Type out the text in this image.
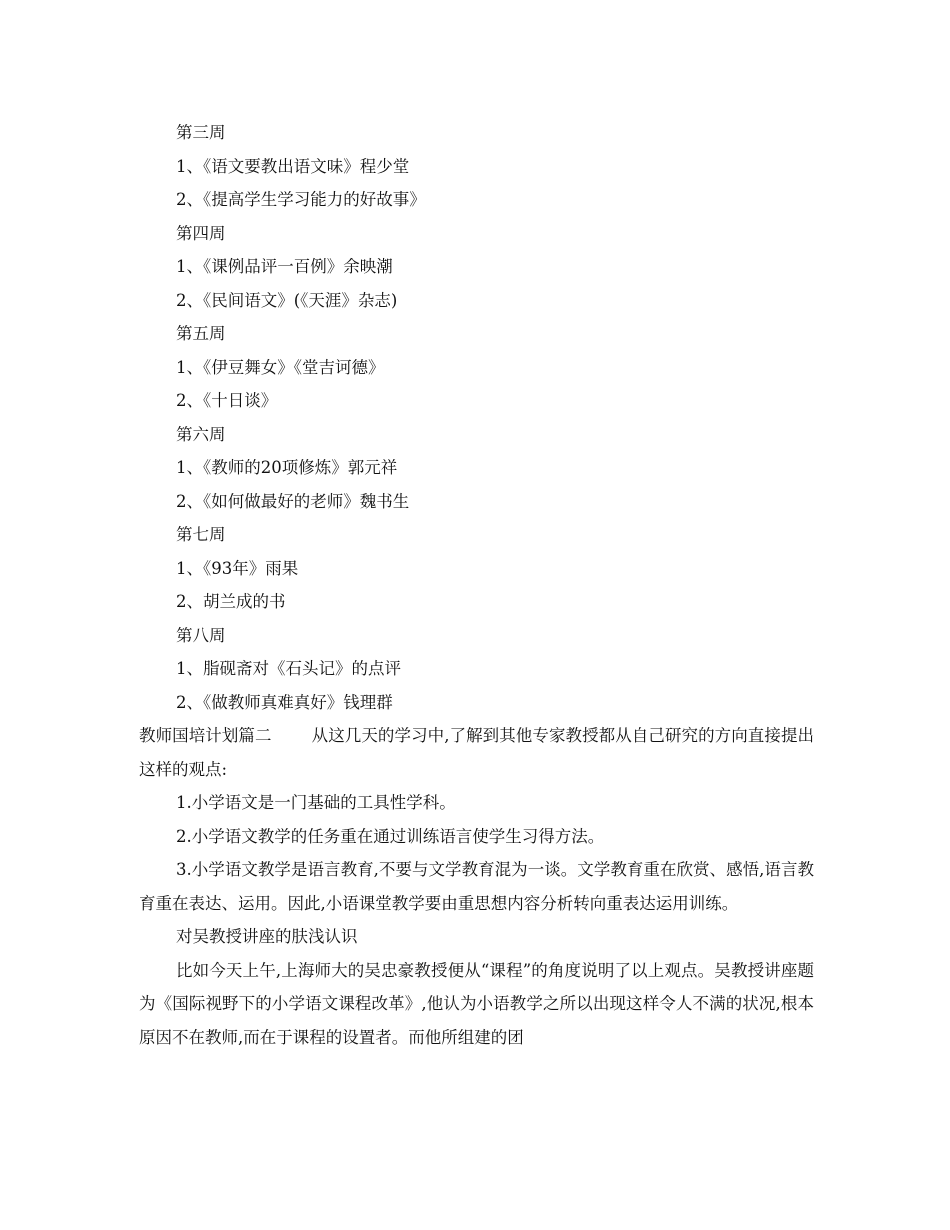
第三周
1、《语文要教出语文味》程少堂
2、《提高学生学习能力的好故事》
第四周
1、《课例品评一百例》余映潮
2、《民间语文》(《天涯》杂志)
第五周
1、《伊豆舞女》《堂吉诃德》
2、《十日谈》
第六周
1、《教师的20项修炼》郭元祥
2、《如何做最好的老师》魏书生
第七周
1、《93年》雨果
2、胡兰成的书
第八周
1、脂砚斋对《石头记》的点评
2、《做教师真难真好》钱理群
教师国培计划篇二 从这几天的学习中,了解到其他专家教授都从自己研究的方向直接提出这样的观点:
1.小学语文是一门基础的工具性学科。
2.小学语文教学的任务重在通过训练语言使学生习得方法。
3.小学语文教学是语言教育,不要与文学教育混为一谈。文学教育重在欣赏、感悟,语言教育重在表达、运用。因此,小语课堂教学要由重思想内容分析转向重表达运用训练。
对吴教授讲座的肤浅认识
比如今天上午,上海师大的吴忠豪教授便从“课程”的角度说明了以上观点。吴教授讲座题为《国际视野下的小学语文课程改革》,他认为小语教学之所以出现这样令人不满的状况,根本原因不在教师,而在于课程的设置者。而他所组建的团
